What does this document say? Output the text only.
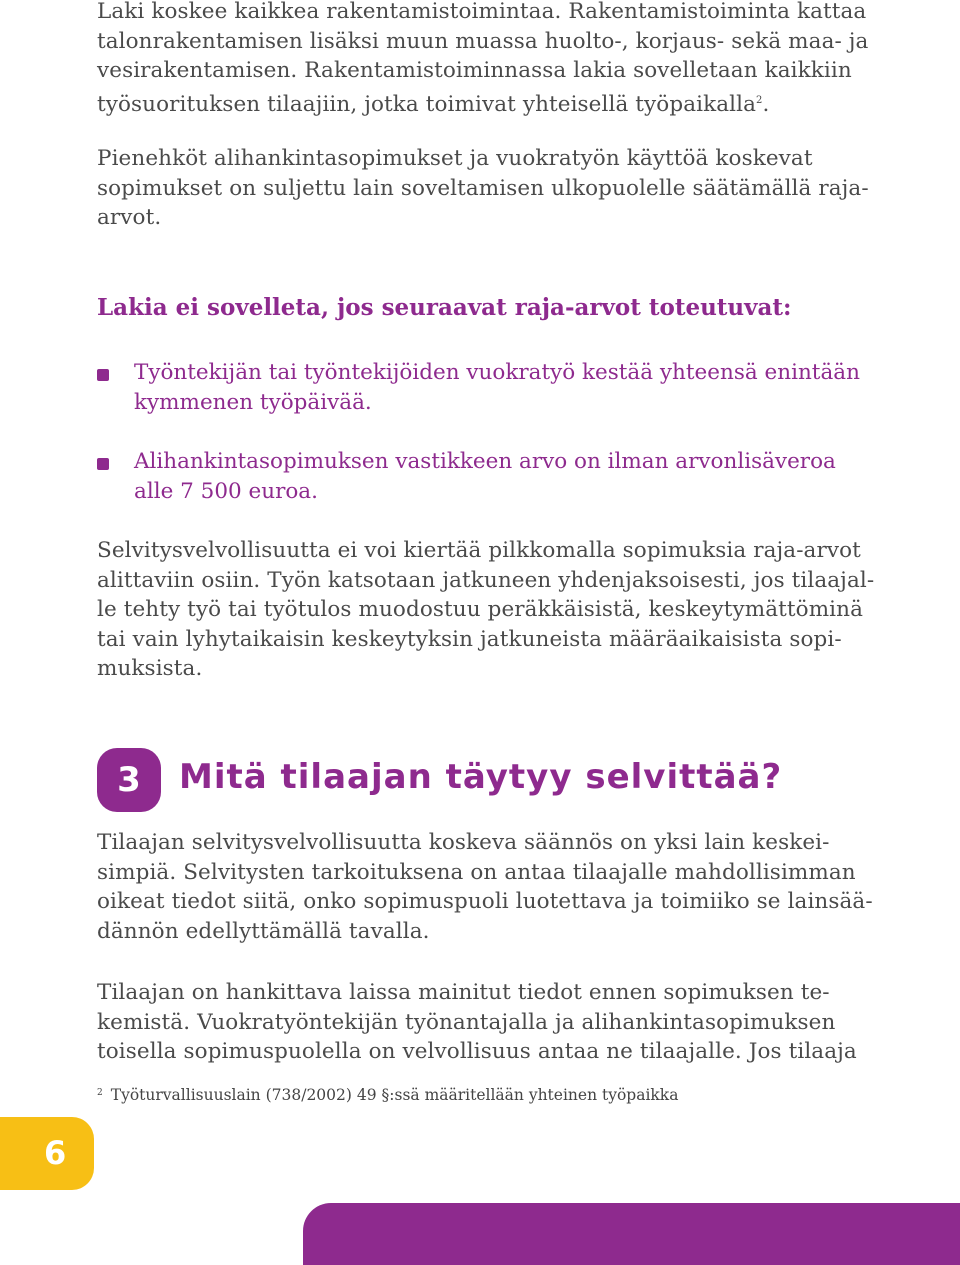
Laki koskee kaikkea rakentamistoimintaa. Rakentamistoiminta kattaa

talonrakentamisen lisäksi muun muassa huolto-, korjaus- sekä maa- ja

vesirakentamisen. Rakentamistoiminnassa lakia sovelletaan kaikkiin

työsuorituksen tilaajiin, jotka toimivat yhteisellä työpaikalla$^2$.

Pienehköt alihankintasopimukset ja vuokratyön käyttöä koskevat

sopimukset on suljettu lain soveltamisen ulkopuolelle säätämällä raja-

arvot.

Lakia ei sovelleta, jos seuraavat raja-arvot toteutuvat:

Työntekijän tai työntekijöiden vuokratyö kestää yhteensä enintään

kymmenen työpäivää.

Alihankintasopimuksen vastikkeen arvo on ilman arvonlisäveroa

alle 7 500 euroa.

Selvitysvelvollisuutta ei voi kiertää pilkkomalla sopimuksia raja-arvot

alittaviin osiin. Työn katsotaan jatkuneen yhdenjaksoisesti, jos tilaajal-

le tehty työ tai työtulos muodostuu peräkkäisistä, keskeytymättöminä

tai vain lyhytaikaisin keskeytyksin jatkuneista määräaikaisista sopi-

muksista.

3	Mitä tilaajan täytyy selvittää?

Tilaajan selvitysvelvollisuutta koskeva säännös on yksi lain keskei-

simpiä. Selvitysten tarkoituksena on antaa tilaajalle mahdollisimman

oikeat tiedot siitä, onko sopimuspuoli luotettava ja toimiiko se lainsää-

dännön edellyttämällä tavalla.

Tilaajan on hankittava laissa mainitut tiedot ennen sopimuksen te-

kemistä. Vuokratyöntekijän työnantajalla ja alihankintasopimuksen

toisella sopimuspuolella on velvollisuus antaa ne tilaajalle. Jos tilaaja

$^2$ Työturvallisuuslain (738/2002) 49 §:ssä määritellään yhteinen työpaikka
6
